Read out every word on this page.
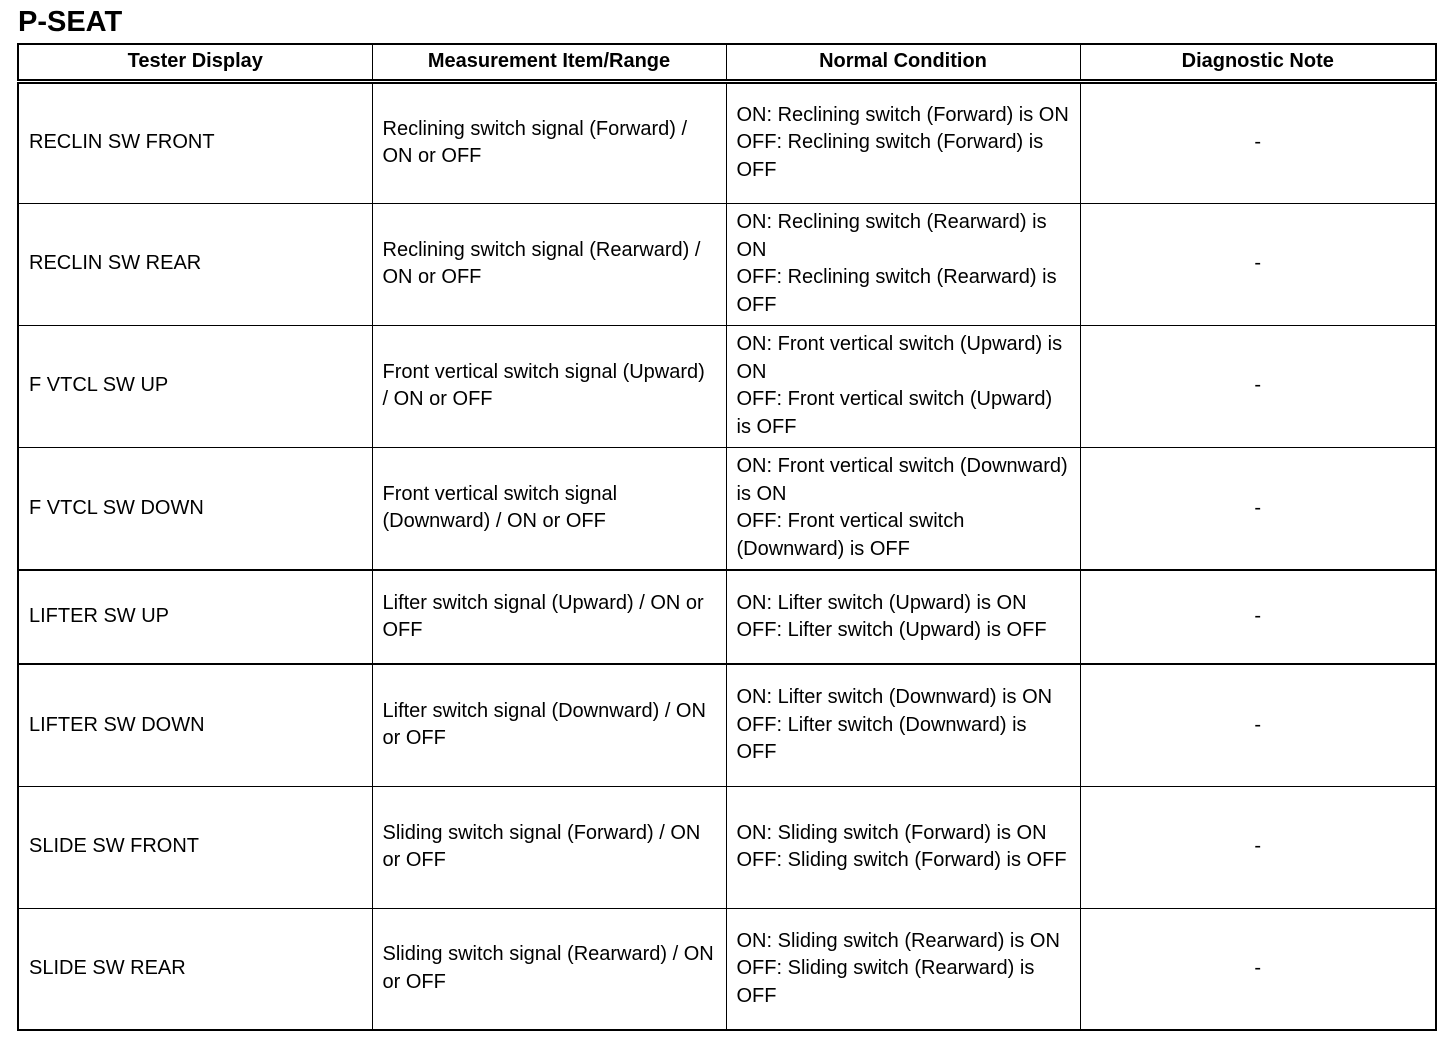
P-SEAT
Tester Display	Measurement Item/Range	Normal Condition	Diagnostic Note
RECLIN SW FRONT	Reclining switch signal (Forward) / ON or OFF	ON: Reclining switch (Forward) is ON
OFF: Reclining switch (Forward) is OFF	-
RECLIN SW REAR	Reclining switch signal (Rearward) / ON or OFF	ON: Reclining switch (Rearward) is ON
OFF: Reclining switch (Rearward) is OFF	-
F VTCL SW UP	Front vertical switch signal (Upward) / ON or OFF	ON: Front vertical switch (Upward) is ON
OFF: Front vertical switch (Upward) is OFF	-
F VTCL SW DOWN	Front vertical switch signal (Downward) / ON or OFF	ON: Front vertical switch (Downward) is ON
OFF: Front vertical switch (Downward) is OFF	-
LIFTER SW UP	Lifter switch signal (Upward) / ON or OFF	ON: Lifter switch (Upward) is ON
OFF: Lifter switch (Upward) is OFF	-
LIFTER SW DOWN	Lifter switch signal (Downward) / ON or OFF	ON: Lifter switch (Downward) is ON
OFF: Lifter switch (Downward) is OFF	-
SLIDE SW FRONT	Sliding switch signal (Forward) / ON or OFF	ON: Sliding switch (Forward) is ON
OFF: Sliding switch (Forward) is OFF	-
SLIDE SW REAR	Sliding switch signal (Rearward) / ON or OFF	ON: Sliding switch (Rearward) is ON
OFF: Sliding switch (Rearward) is OFF	-
